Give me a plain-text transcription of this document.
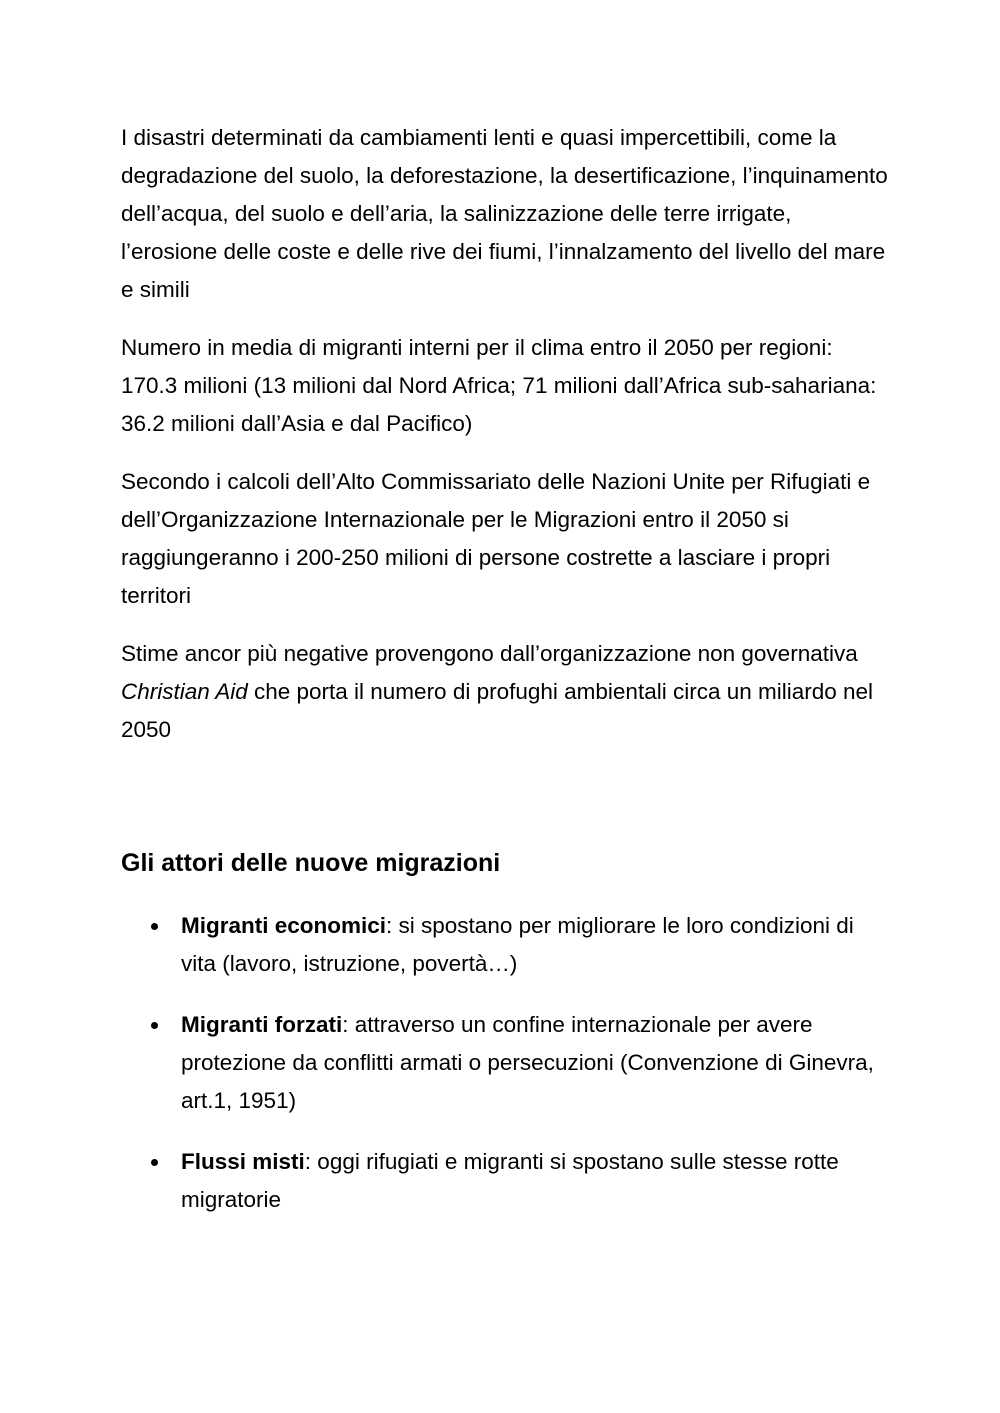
I disastri determinati da cambiamenti lenti e quasi impercettibili, come la degradazione del suolo, la deforestazione, la desertificazione, l’inquinamento dell’acqua, del suolo e dell’aria, la salinizzazione delle terre irrigate, l’erosione delle coste e delle rive dei fiumi, l’innalzamento del livello del mare e simili

Numero in media di migranti interni per il clima entro il 2050 per regioni: 170.3 milioni (13 milioni dal Nord Africa; 71 milioni dall’Africa sub-sahariana: 36.2 milioni dall’Asia e dal Pacifico)

Secondo i calcoli dell’Alto Commissariato delle Nazioni Unite per Rifugiati e dell’Organizzazione Internazionale per le Migrazioni entro il 2050 si raggiungeranno i 200-250 milioni di persone costrette a lasciare i propri territori

Stime ancor più negative provengono dall’organizzazione non governativa Christian Aid che porta il numero di profughi ambientali circa un miliardo nel 2050

Gli attori delle nuove migrazioni
Migranti economici: si spostano per migliorare le loro condizioni di vita (lavoro, istruzione, povertà…)
Migranti forzati: attraverso un confine internazionale per avere protezione da conflitti armati o persecuzioni (Convenzione di Ginevra, art.1, 1951)
Flussi misti: oggi rifugiati e migranti si spostano sulle stesse rotte migratorie
